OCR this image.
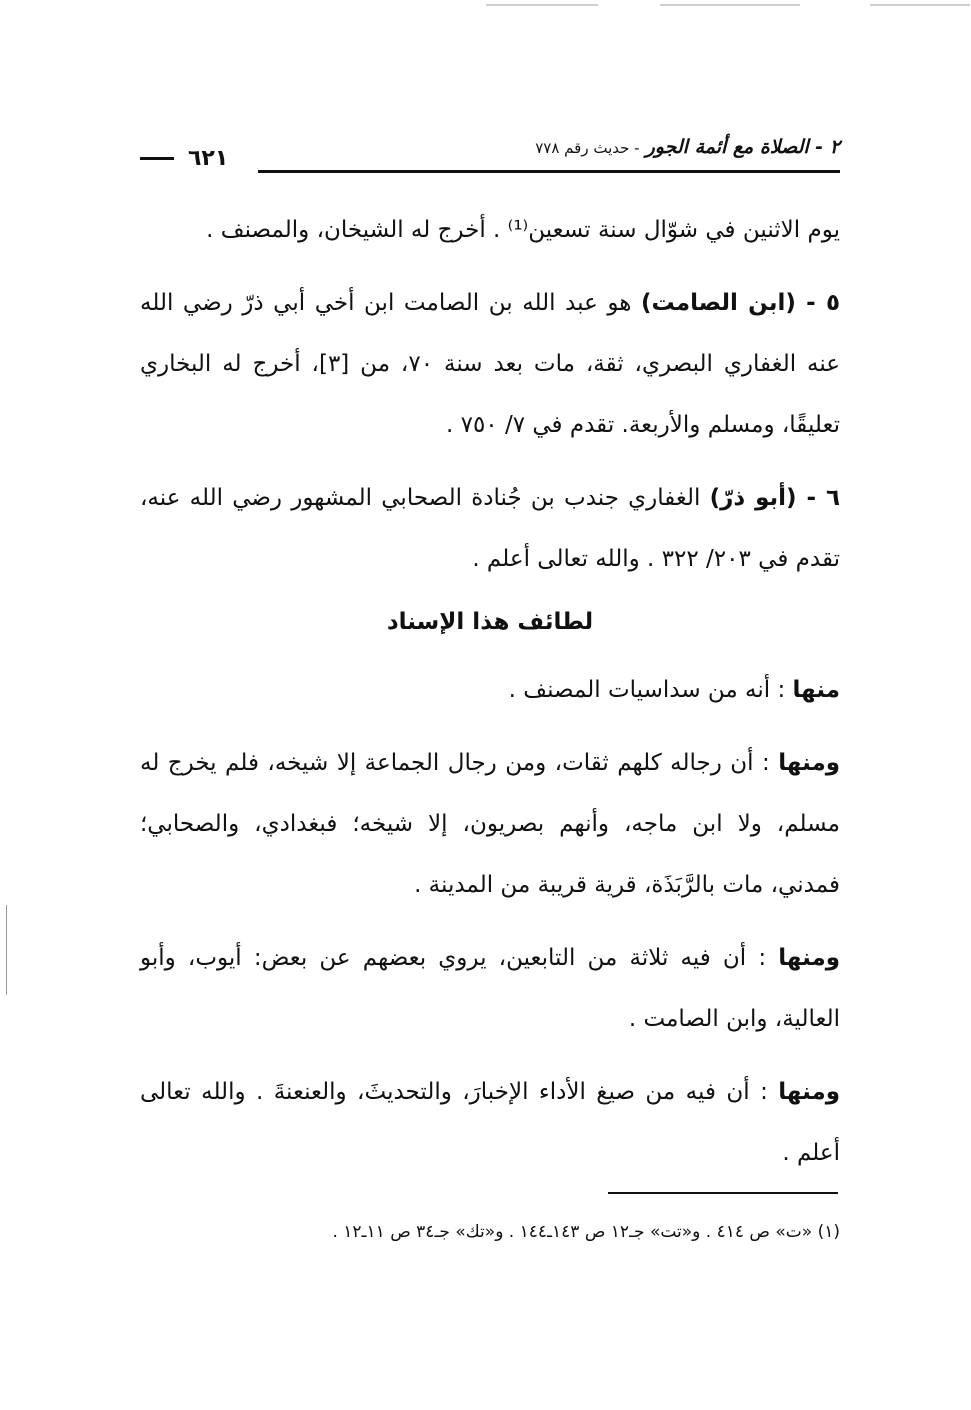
٢ - الصلاة مع أئمة الجور - حديث رقم ٧٧٨
٦٢١

يوم الاثنين في شوّال سنة تسعين⁽¹⁾ . أخرج له الشيخان، والمصنف .

٥ - (ابن الصامت) هو عبد الله بن الصامت ابن أخي أبي ذرّ رضي الله عنه الغفاري البصري، ثقة، مات بعد سنة ٧٠، من [٣]، أخرج له البخاري تعليقًا، ومسلم والأربعة. تقدم في ٧/ ٧٥٠ .

٦ - (أبو ذرّ) الغفاري جندب بن جُنادة الصحابي المشهور رضي الله عنه، تقدم في ٢٠٣/ ٣٢٢ . والله تعالى أعلم .

لطائف هذا الإسناد

منها : أنه من سداسيات المصنف .

ومنها : أن رجاله كلهم ثقات، ومن رجال الجماعة إلا شيخه، فلم يخرج له مسلم، ولا ابن ماجه، وأنهم بصريون، إلا شيخه؛ فبغدادي، والصحابي؛ فمدني، مات بالرَّبَذَة، قرية قريبة من المدينة .

ومنها : أن فيه ثلاثة من التابعين، يروي بعضهم عن بعض: أيوب، وأبو العالية، وابن الصامت .

ومنها : أن فيه من صيغ الأداء الإخبارَ، والتحديثَ، والعنعنةَ . والله تعالى أعلم .

(١) «ت» ص ٤١٤ . و«تت» جـ١٢ ص ١٤٣ـ١٤٤ . و«تك» جـ٣٤ ص ١١ـ١٢ .
